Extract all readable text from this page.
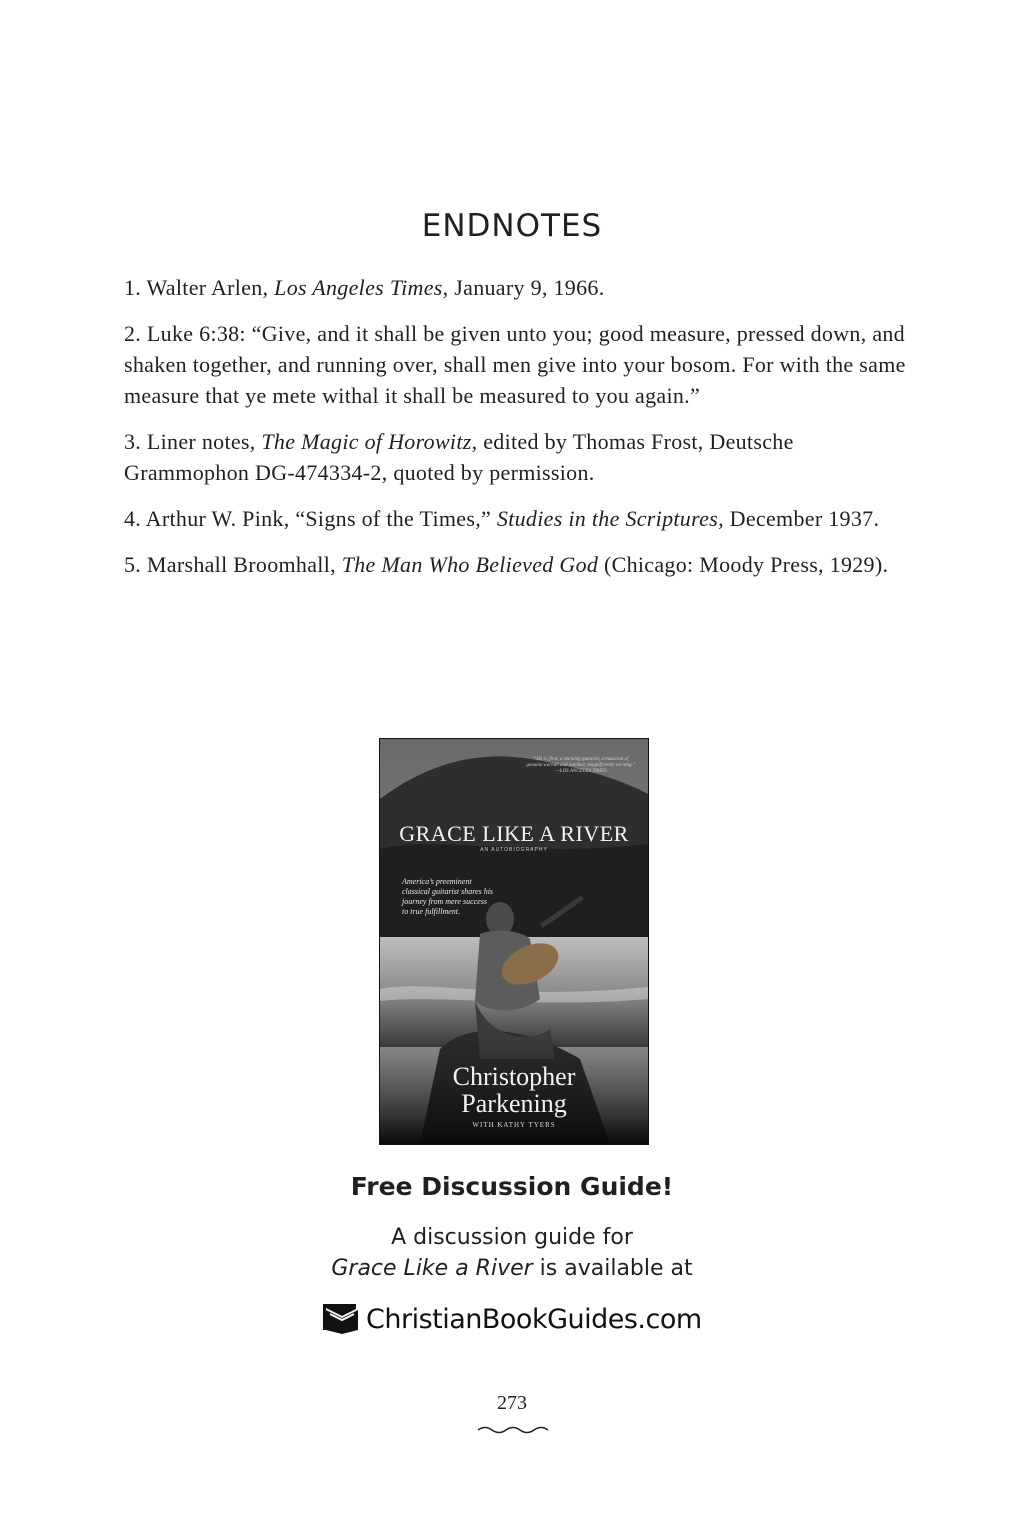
ENDNOTES

1. Walter Arlen, Los Angeles Times, January 9, 1966.

2. Luke 6:38: “Give, and it shall be given unto you; good measure, pressed down, and shaken together, and running over, shall men give into your bosom. For with the same measure that ye mete withal it shall be measured to you again.”

3. Liner notes, The Magic of Horowitz, edited by Thomas Frost, Deutsche Grammophon DG-474334-2, quoted by permission.

4. Arthur W. Pink, “Signs of the Times,” Studies in the Scriptures, December 1937.

5. Marshall Broomhall, The Man Who Believed God (Chicago: Moody Press, 1929).

“He is, first, a stunning guitarist, a musician of genuine warmth and intellect, magnificently exciting.” —LOS ANGELES TIMES
GRACE LIKE A RIVER
AN AUTOBIOGRAPHY
America’s preeminent classical guitarist shares his journey from mere success to true fulfillment.
Christopher
Parkening
WITH KATHY TYERS
Free Discussion Guide!
A discussion guide for
Grace Like a River is available at
ChristianBookGuides.com
273
